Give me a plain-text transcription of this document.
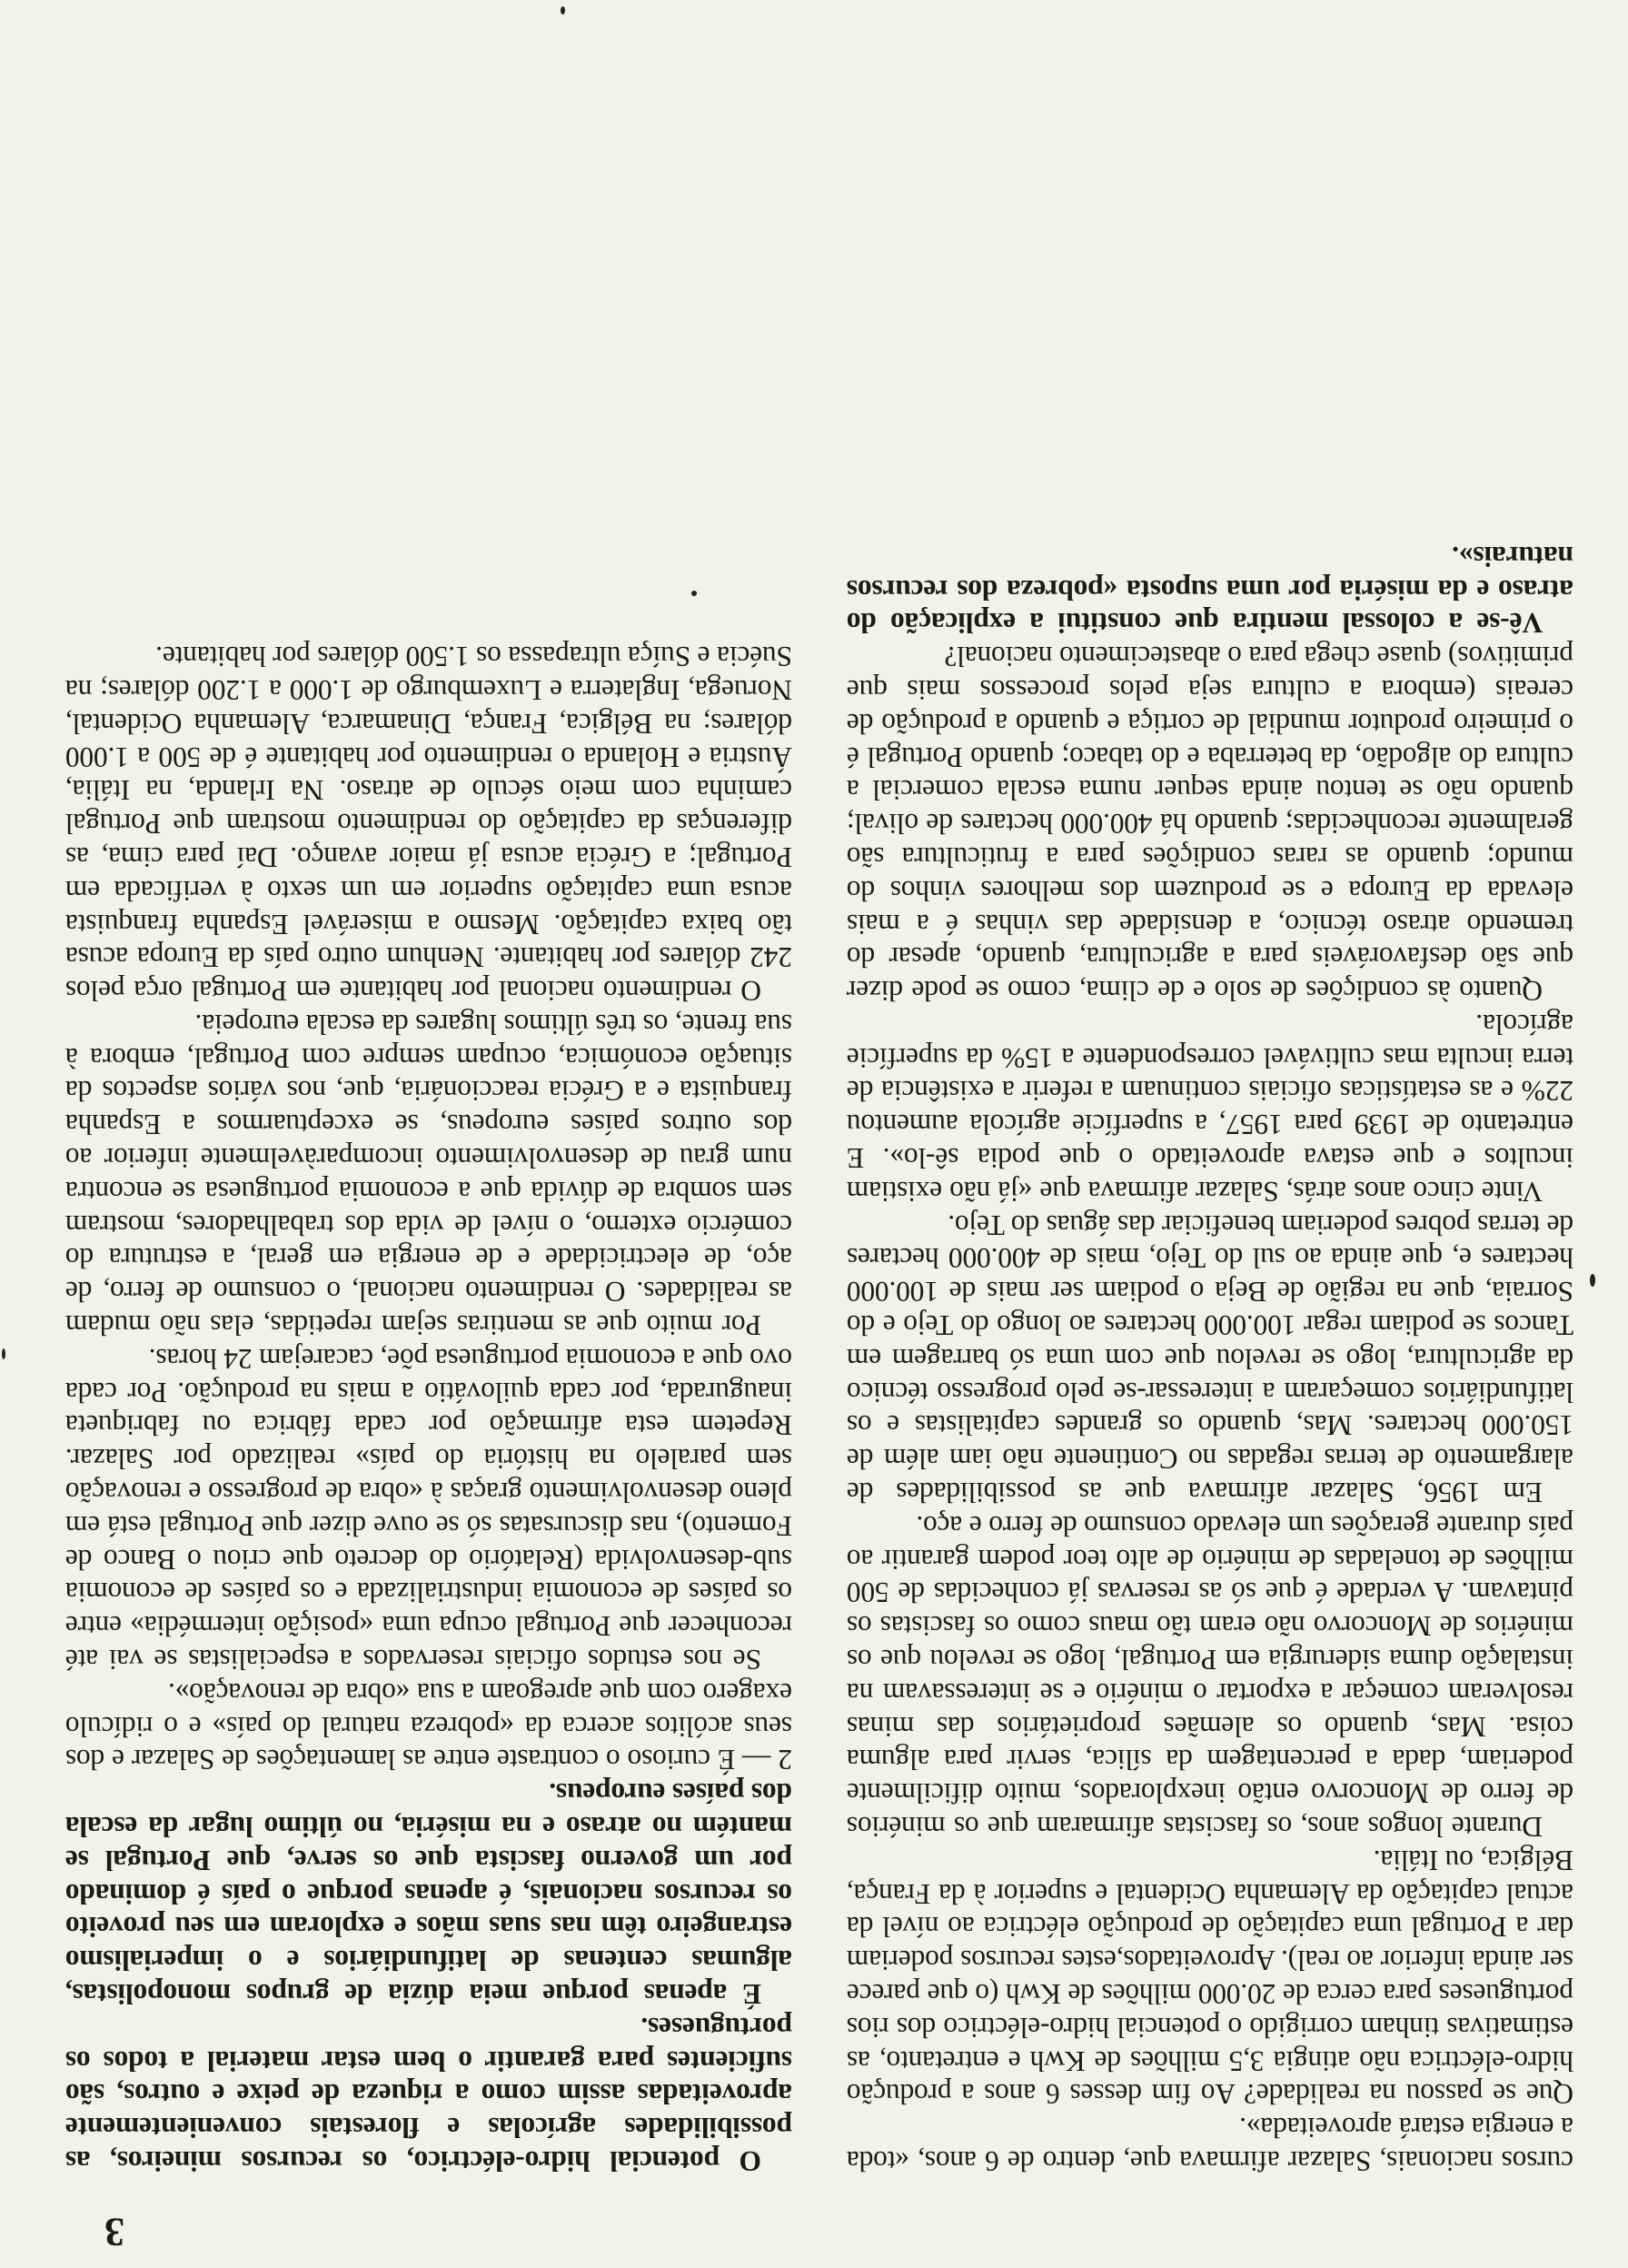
3

cursos nacionais, Salazar afirmava que, dentro de 6 anos, «toda a energia estará aproveitada».

Que se passou na realidade? Ao fim desses 6 anos a produção hidro-eléctrica não atingia 3,5 milhões de Kwh e entretanto, as estimativas tinham corrigido o potencial hidro-eléctrico dos rios portugueses para cerca de 20.000 milhões de Kwh (o que parece ser ainda inferior ao real). Aproveitados,estes recursos poderiam dar a Portugal uma capitação de produção eléctrica ao nível da actual capitação da Alemanha Ocidental e superior à da França, Bélgica, ou Itália.

Durante longos anos, os fascistas afirmaram que os minérios de ferro de Moncorvo então inexplorados, muito dificilmente poderiam, dada a percentagem da sílica, servir para alguma coisa. Mas, quando os alemães proprietários das minas resolveram começar a exportar o minério e se interessavam na instalação duma siderurgia em Portugal, logo se revelou que os minérios de Moncorvo não eram tão maus como os fascistas os pintavam. A verdade é que só as reservas já conhecidas de 500 milhões de toneladas de minério de alto teor podem garantir ao país durante gerações um elevado consumo de ferro e aço.

Em 1956, Salazar afirmava que as possibilidades de alargamento de terras regadas no Continente não iam além de 150.000 hectares. Mas, quando os grandes capitalistas e os latifundiários começaram a interessar-se pelo progresso técnico da agricultura, logo se revelou que com uma só barragem em Tancos se podiam regar 100.000 hectares ao longo do Tejo e do Sorraia, que na região de Beja o podiam ser mais de 100.000 hectares e, que ainda ao sul do Tejo, mais de 400.000 hectares de terras pobres poderiam beneficiar das águas do Tejo.

Vinte cinco anos atrás, Salazar afirmava que «já não existiam incultos e que estava aproveitado o que podia sê-lo». E entretanto de 1939 para 1957, a superfície agrícola aumentou 22% e as estatísticas oficiais continuam a referir a existência de terra inculta mas cultivável correspondente a 15% da superfície agrícola.

Quanto às condições de solo e de clima, como se pode dizer que são desfavoráveis para a agricultura, quando, apesar do tremendo atraso técnico, a densidade das vinhas é a mais elevada da Europa e se produzem dos melhores vinhos do mundo; quando as raras condições para a fruticultura são geralmente reconhecidas; quando há 400.000 hectares de olival; quando não se tentou ainda sequer numa escala comercial a cultura do algodão, da beterraba e do tabaco; quando Portugal é o primeiro produtor mundial de cortiça e quando a produção de cereais (embora a cultura seja pelos processos mais que primitivos) quase chega para o abastecimento nacional?

Vê-se a colossal mentira que constitui a explicação do atraso e da miséria por uma suposta «pobreza dos recursos naturais».

O potencial hidro-eléctrico, os recursos mineiros, as possibilidades agrícolas e florestais convenientemente aproveitadas assim como a riqueza de peixe e outros, são suficientes para garantir o bem estar material a todos os portugueses.

É apenas porque meia dúzia de grupos monopolistas, algumas centenas de latifundiários e o imperialismo estrangeiro têm nas suas mãos e exploram em seu proveito os recursos nacionais, é apenas porque o país é dominado por um governo fascista que os serve, que Portugal se mantém no atraso e na miséria, no último lugar da escala dos países europeus.

2 — É curioso o contraste entre as lamentações de Salazar e dos seus acólitos acerca da «pobreza natural do país» e o ridículo exagero com que apregoam a sua «obra de renovação».

Se nos estudos oficiais reservados a especialistas se vai até reconhecer que Portugal ocupa uma «posição intermédia» entre os países de economia industrializada e os países de economia sub-desenvolvida (Relatório do decreto que criou o Banco de Fomento), nas discursatas só se ouve dizer que Portugal está em pleno desenvolvimento graças à «obra de progresso e renovação sem paralelo na história do país» realizado por Salazar. Repetem esta afirmação por cada fábrica ou fabriqueta inaugurada, por cada quilovátio a mais na produção. Por cada ovo que a economia portuguesa põe, cacarejam 24 horas.

Por muito que as mentiras sejam repetidas, elas não mudam as realidades. O rendimento nacional, o consumo de ferro, de aço, de electricidade e de energia em geral, a estrutura do comércio externo, o nível de vida dos trabalhadores, mostram sem sombra de dúvida que a economia portuguesa se encontra num grau de desenvolvimento incomparàvelmente inferior ao dos outros países europeus, se exceptuarmos a Espanha franquista e a Grécia reaccionária, que, nos vários aspectos da situação económica, ocupam sempre com Portugal, embora à sua frente, os três últimos lugares da escala europeia.

O rendimento nacional por habitante em Portugal orça pelos 242 dólares por habitante. Nenhum outro país da Europa acusa tão baixa capitação. Mesmo a miserável Espanha franquista acusa uma capitação superior em um sexto à verificada em Portugal; a Grécia acusa já maior avanço. Daí para cima, as diferenças da capitação do rendimento mostram que Portugal caminha com meio século de atraso. Na Irlanda, na Itália, Áustria e Holanda o rendimento por habitante é de 500 a 1.000 dólares; na Bélgica, França, Dinamarca, Alemanha Ocidental, Noruega, Inglaterra e Luxemburgo de 1.000 a 1.200 dólares; na Suécia e Suíça ultrapassa os 1.500 dólares por habitante.
